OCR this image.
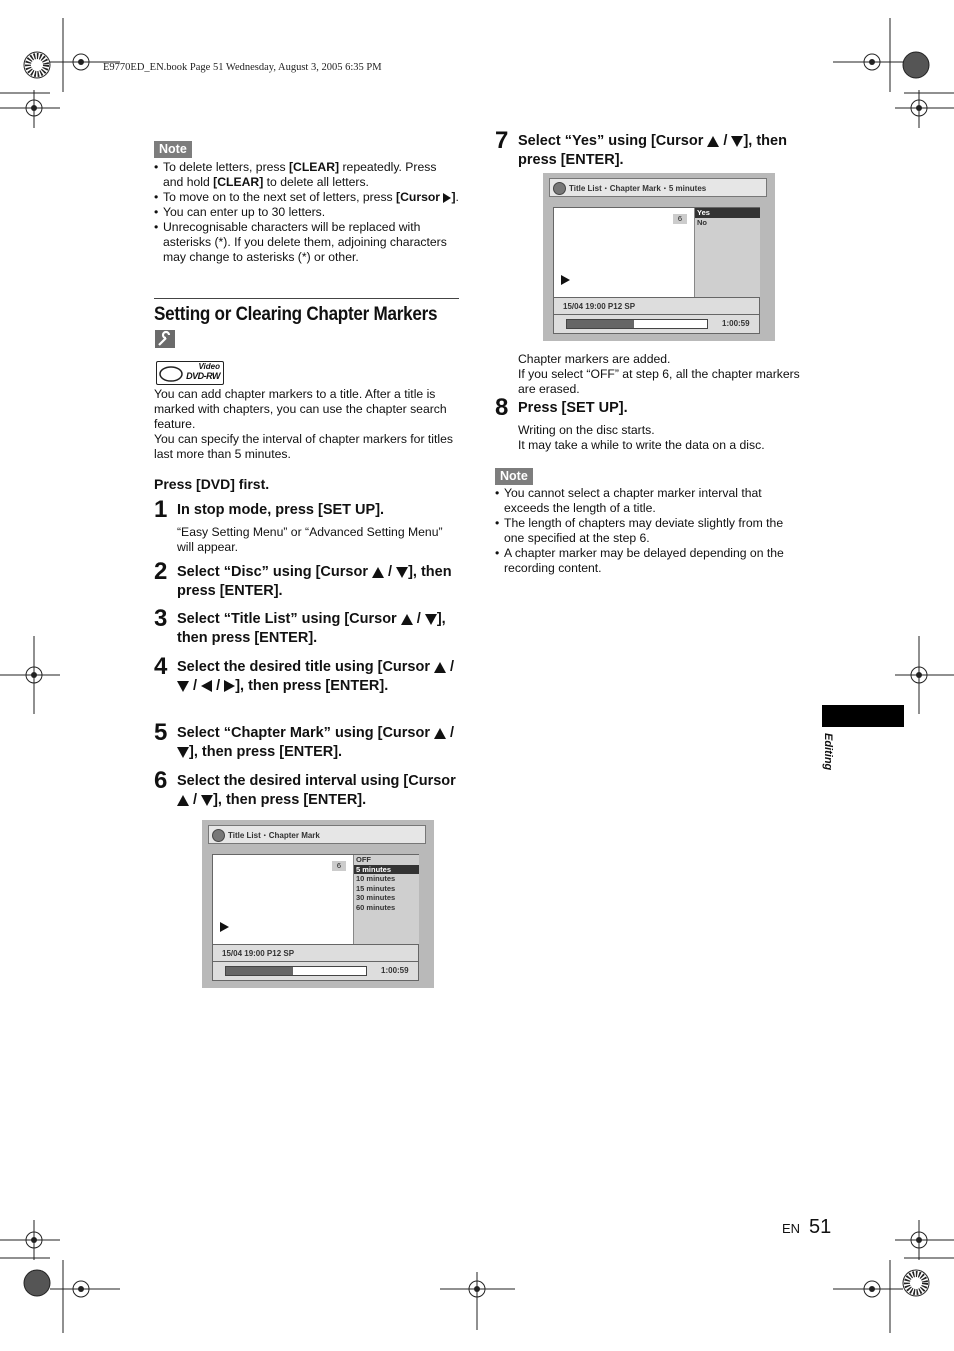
E9770ED_EN.book Page 51 Wednesday, August 3, 2005 6:35 PM
Note
• To delete letters, press [CLEAR] repeatedly. Press and hold [CLEAR] to delete all letters.
• To move on to the next set of letters, press [Cursor ].
• You can enter up to 30 letters.
• Unrecognisable characters will be replaced with asterisks (*). If you delete them, adjoining characters may change to asterisks (*) or other.
Setting or Clearing Chapter Markers
Video
DVD-RW
You can add chapter markers to a title. After a title is marked with chapters, you can use the chapter search feature.
You can specify the interval of chapter markers for titles last more than 5 minutes.
Press [DVD] first.
1 In stop mode, press [SET UP].
“Easy Setting Menu” or “Advanced Setting Menu” will appear.
2 Select “Disc” using [Cursor  / ], then press [ENTER].
3 Select “Title List” using [Cursor  / ], then press [ENTER].
4 Select the desired title using [Cursor  /  /  / ], then press [ENTER].
5 Select “Chapter Mark” using [Cursor  / ], then press [ENTER].
6 Select the desired interval using [Cursor  / ], then press [ENTER].
7 Select “Yes” using [Cursor  / ], then press [ENTER].
Chapter markers are added.
If you select “OFF” at step 6, all the chapter markers are erased.
8 Press [SET UP].
Writing on the disc starts.
It may take a while to write the data on a disc.
Title List・Chapter Mark
6
OFF
5 minutes
10 minutes
15 minutes
30 minutes
60 minutes
15/04 19:00 P12 SP
1:00:59
Title List・Chapter Mark・5 minutes
6
Yes
No
15/04 19:00 P12 SP
1:00:59
Note
• You cannot select a chapter marker interval that exceeds the length of a title.
• The length of chapters may deviate slightly from the one specified at the step 6.
• A chapter marker may be delayed depending on the recording content.
Editing
EN 51
